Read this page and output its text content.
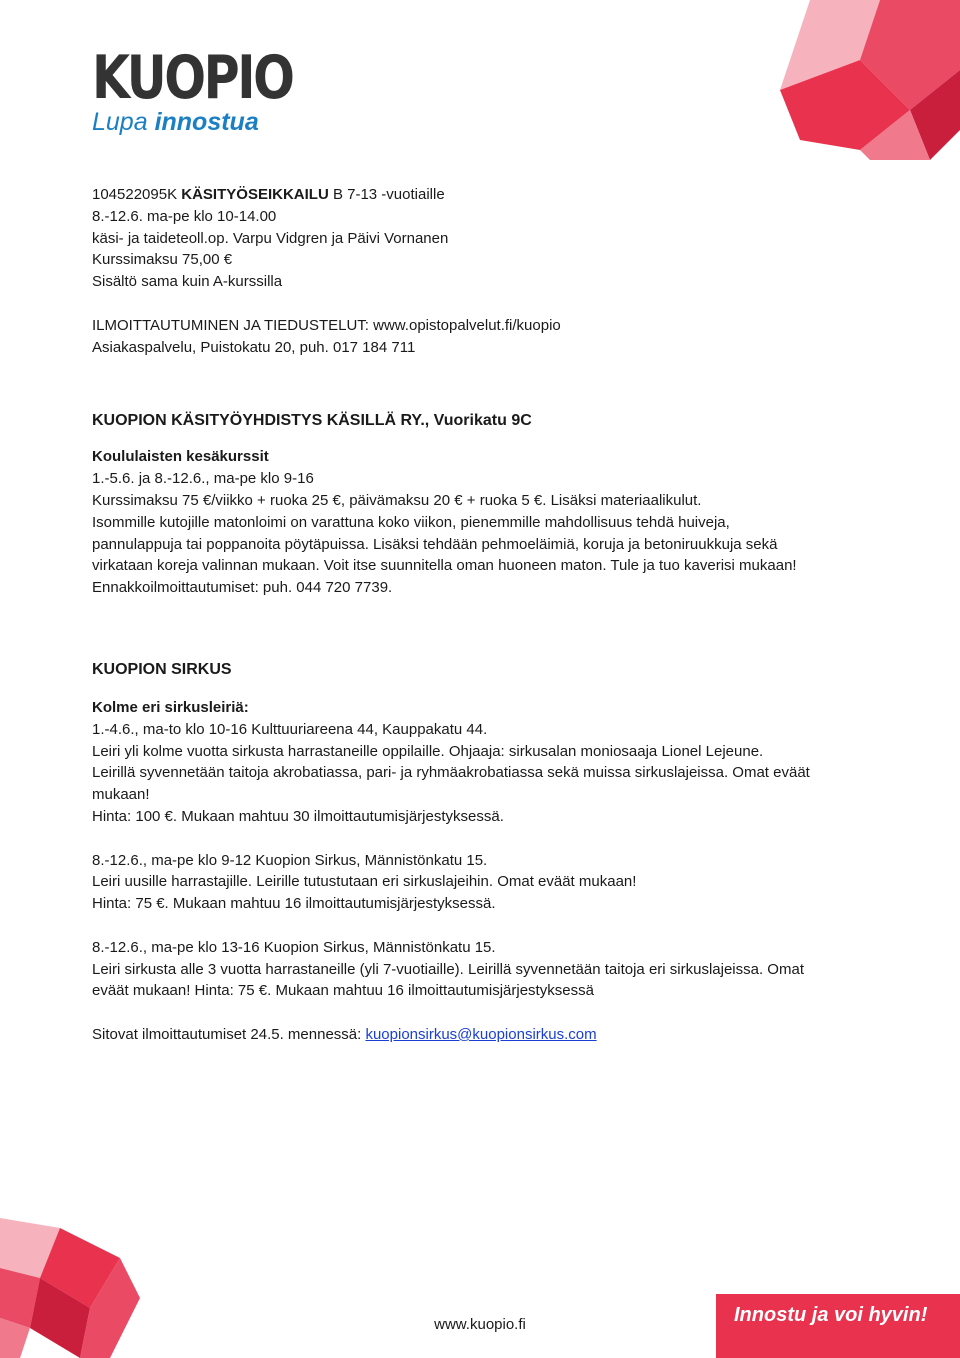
KUOPIO
Lupa innostua
104522095K KÄSITYÖSEIKKAILU B 7-13 -vuotiaille
8.-12.6. ma-pe klo 10-14.00
käsi- ja taideteoll.op. Varpu Vidgren ja Päivi Vornanen
Kurssimaksu 75,00 €
Sisältö sama kuin A-kurssilla
ILMOITTAUTUMINEN JA TIEDUSTELUT: www.opistopalvelut.fi/kuopio
Asiakaspalvelu, Puistokatu 20, puh. 017 184 711
KUOPION KÄSITYÖYHDISTYS KÄSILLÄ RY., Vuorikatu 9C
Koululaisten kesäkurssit
1.-5.6. ja 8.-12.6., ma-pe klo 9-16
Kurssimaksu 75 €/viikko + ruoka 25 €, päivämaksu 20 € + ruoka 5 €. Lisäksi materiaalikulut.
Isommille kutojille matonloimi on varattuna koko viikon, pienemmille mahdollisuus tehdä huiveja,
pannulappuja tai poppanoita pöytäpuissa. Lisäksi tehdään pehmoeläimiä, koruja ja betoniruukkuja sekä
virkataan koreja valinnan mukaan. Voit itse suunnitella oman huoneen maton. Tule ja tuo kaverisi mukaan!
Ennakkoilmoittautumiset: puh. 044 720 7739.
KUOPION SIRKUS
Kolme eri sirkusleiriä:
1.-4.6., ma-to klo 10-16 Kulttuuriareena 44, Kauppakatu 44.
Leiri yli kolme vuotta sirkusta harrastaneille oppilaille. Ohjaaja: sirkusalan moniosaaja Lionel Lejeune.
Leirillä syvennetään taitoja akrobatiassa, pari- ja ryhmäakrobatiassa sekä muissa sirkuslajeissa. Omat eväät
mukaan!
Hinta: 100 €. Mukaan mahtuu 30 ilmoittautumisjärjestyksessä.
8.-12.6., ma-pe klo 9-12 Kuopion Sirkus, Männistönkatu 15.
Leiri uusille harrastajille. Leirille tutustutaan eri sirkuslajeihin. Omat eväät mukaan!
Hinta: 75 €. Mukaan mahtuu 16 ilmoittautumisjärjestyksessä.
8.-12.6., ma-pe klo 13-16 Kuopion Sirkus, Männistönkatu 15.
Leiri sirkusta alle 3 vuotta harrastaneille (yli 7-vuotiaille). Leirillä syvennetään taitoja eri sirkuslajeissa. Omat
eväät mukaan! Hinta: 75 €. Mukaan mahtuu 16 ilmoittautumisjärjestyksessä
Sitovat ilmoittautumiset 24.5. mennessä: kuopionsirkus@kuopionsirkus.com
www.kuopio.fi	Innostu ja voi hyvin!
